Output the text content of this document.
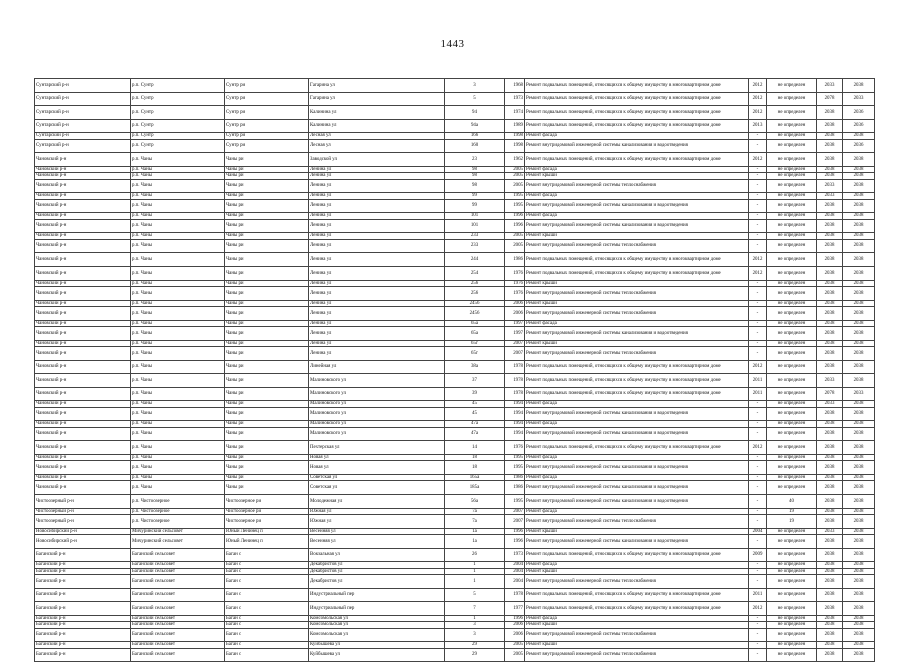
1443
Сунтарский р-н	р.п. Сунтр	Сунтр ри	Гагарина ул	3	1968	Ремонт подвальных помещений, относящихся к общему имуществу в многоквартирном доме	2012	не определен	2033	2038
Сунтарский р-н	р.п. Сунтр	Сунтр ри	Гагарина ул	5	1973	Ремонт подвальных помещений, относящихся к общему имуществу в многоквартирном доме	2012	не определен	2078	2033
Сунтарский р-н	р.п. Сунтр	Сунтр ри	Калинина ул	94	1974	Ремонт подвальных помещений, относящихся к общему имуществу в многоквартирном доме	2012	не определен	2038	2036
Сунтарский р-н	р.п. Сунтр	Сунтр ри	Калинина ул	94а	1989	Ремонт подвальных помещений, относящихся к общему имуществу в многоквартирном доме	2013	не определен	2038	2036
Сунтарский р-н	р.п. Сунтр	Сунтр ри	Лесная ул	166	1998	Ремонт фасада	-	не определен	2038	2038
Сунтарский р-н	р.п. Сунтр	Сунтр ри	Лесная ул	160	1998	Ремонт внутридомовой инженерной системы канализования и водоотведения	-	не определен	2038	2036
Чановский р-н	р.п. Чаны	Чаны ри	Заводской ул	23	1962	Ремонт подвальных помещений, относящихся к общему имуществу в многоквартирном доме	2012	не определен	2038	2038
Чановский р-н	р.п. Чаны	Чаны ри	Ленина ул	98	2005	Ремонт фасада	-	не определен	2038	2038
Чановский р-н	р.п. Чаны	Чаны ри	Ленина ул	98	2005	Ремонт крыши	-	не определен	2038	2038
Чановский р-н	р.п. Чаны	Чаны ри	Ленина ул	98	2005	Ремонт внутридомовой инженерной системы теплоснабжения	-	не определен	2033	2038
Чановский р-н	р.п. Чаны	Чаны ри	Ленина ул	99	1995	Ремонт фасада	-	не определен	2033	2038
Чановский р-н	р.п. Чаны	Чаны ри	Ленина ул	99	1995	Ремонт внутридомовой инженерной системы канализования и водоотведения	-	не определен	2038	2038
Чановский р-н	р.п. Чаны	Чаны ри	Ленина ул	101	1996	Ремонт фасада	-	не определен	2038	2038
Чановский р-н	р.п. Чаны	Чаны ри	Ленина ул	101	1996	Ремонт внутридомовой инженерной системы канализования и водоотведения	-	не определен	2038	2038
Чановский р-н	р.п. Чаны	Чаны ри	Ленина ул	233	2005	Ремонт крыши	-	не определен	2038	2038
Чановский р-н	р.п. Чаны	Чаны ри	Ленина ул	233	2005	Ремонт внутридомовой инженерной системы теплоснабжения	-	не определен	2038	2038
Чановский р-н	р.п. Чаны	Чаны ри	Ленина ул	244	1986	Ремонт подвальных помещений, относящихся к общему имуществу в многоквартирном доме	2012	не определен	2038	2038
Чановский р-н	р.п. Чаны	Чаны ри	Ленина ул	254	1976	Ремонт подвальных помещений, относящихся к общему имуществу в многоквартирном доме	2012	не определен	2038	2038
Чановский р-н	р.п. Чаны	Чаны ри	Ленина ул	256	1976	Ремонт крыши	-	не определен	2038	2038
Чановский р-н	р.п. Чаны	Чаны ри	Ленина ул	256	1976	Ремонт внутридомовой инженерной системы теплоснабжения	-	не определен	2038	2038
Чановский р-н	р.п. Чаны	Чаны ри	Ленина ул	2456	2006	Ремонт крыши	-	не определен	2038	2038
Чановский р-н	р.п. Чаны	Чаны ри	Ленина ул	2456	2006	Ремонт внутридомовой инженерной системы теплоснабжения	-	не определен	2038	2038
Чановский р-н	р.п. Чаны	Чаны ри	Ленина ул	65а	1997	Ремонт фасада	-	не определен	2038	2038
Чановский р-н	р.п. Чаны	Чаны ри	Ленина ул	65а	1997	Ремонт внутридомовой инженерной системы канализования и водоотведения	-	не определен	2038	2038
Чановский р-н	р.п. Чаны	Чаны ри	Ленина ул	65г	2007	Ремонт крыши	-	не определен	2038	2038
Чановский р-н	р.п. Чаны	Чаны ри	Ленина ул	65г	2007	Ремонт внутридомовой инженерной системы теплоснабжения	-	не определен	2038	2038
Чановский р-н	р.п. Чаны	Чаны ри	Линейная ул	38а	1978	Ремонт подвальных помещений, относящихся к общему имуществу в многоквартирном доме	2012	не определен	2038	2038
Чановский р-н	р.п. Чаны	Чаны ри	Малиновского ул	37	1978	Ремонт подвальных помещений, относящихся к общему имуществу в многоквартирном доме	2011	не определен	2033	2038
Чановский р-н	р.п. Чаны	Чаны ри	Малиновского ул	39	1978	Ремонт подвальных помещений, относящихся к общему имуществу в многоквартирном доме	2011	не определен	2078	2033
Чановский р-н	р.п. Чаны	Чаны ри	Малиновского ул	45	1994	Ремонт фасада	-	не определен	2033	2038
Чановский р-н	р.п. Чаны	Чаны ри	Малиновского ул	45	1994	Ремонт внутридомовой инженерной системы канализования и водоотведения	-	не определен	2038	2038
Чановский р-н	р.п. Чаны	Чаны ри	Малиновского ул	47а	1994	Ремонт фасада	-	не определен	2038	2038
Чановский р-н	р.п. Чаны	Чаны ри	Малиновского ул	47а	1994	Ремонт внутридомовой инженерной системы канализования и водоотведения	-	не определен	2038	2038
Чановский р-н	р.п. Чаны	Чаны ри	Пехтерская ул	14	1976	Ремонт подвальных помещений, относящихся к общему имуществу в многоквартирном доме	2012	не определен	2038	2038
Чановский р-н	р.п. Чаны	Чаны ри	Новая ул	18	1995	Ремонт фасада	-	не определен	2038	2038
Чановский р-н	р.п. Чаны	Чаны ри	Новая ул	18	1995	Ремонт внутридомовой инженерной системы канализования и водоотведения	-	не определен	2038	2038
Чановский р-н	р.п. Чаны	Чаны ри	Советская ул	165а	1986	Ремонт фасада	-	не определен	2038	2038
Чановский р-н	р.п. Чаны	Чаны ри	Советская ул	185а	1986	Ремонт внутридомовой инженерной системы канализования и водоотведения	-	не определен	2038	2038
Чистоозерный р-н	р.п. Чистоозерное	Чистоозерное ри	Молодежная ул	56а	1995	Ремонт внутридомовой инженерной системы канализования и водоотведения	-	40	2038	2038
Чистоозерный р-н	р.п. Чистоозерное	Чистоозерное ри	Южная ул	7а	2007	Ремонт фасада	-	19	2038	2038
Чистоозерный р-н	р.п. Чистоозерное	Чистоозерное ри	Южная ул	7а	2007	Ремонт внутридомовой инженерной системы теплоснабжения	-	19	2038	2038
Новосибирский р-н	Мичуринский сельсовет	Юный Ленинец п	Весенняя ул	1а	1996	Ремонт крыши	2004	не определен	2033	2038
Новосибирский р-н	Мичуринский сельсовет	Юный Ленинец п	Весенняя ул	1а	1996	Ремонт внутридомовой инженерной системы канализования и водоотведения	-	не определен	2038	2038
Баганский р-н	Баганский сельсовет	Баган с	Вокзальная ул	26	1973	Ремонт подвальных помещений, относящихся к общему имуществу в многоквартирном доме	2009	не определен	2038	2038
Баганский р-н	Баганский сельсовет	Баган с	Декабристов ул	1	2004	Ремонт фасада	-	не определен	2038	2038
Баганский р-н	Баганский сельсовет	Баган с	Декабристов ул	1	2004	Ремонт крыши	-	не определен	2038	2038
Баганский р-н	Баганский сельсовет	Баган с	Декабристов ул	1	2004	Ремонт внутридомовой инженерной системы теплоснабжения	-	не определен	2038	2038
Баганский р-н	Баганский сельсовет	Баган с	Индустриальный пер	5	1978	Ремонт подвальных помещений, относящихся к общему имуществу в многоквартирном доме	2011	не определен	2038	2038
Баганский р-н	Баганский сельсовет	Баган с	Индустриальный пер	7	1977	Ремонт подвальных помещений, относящихся к общему имуществу в многоквартирном доме	2012	не определен	2038	2038
Баганский р-н	Баганский сельсовет	Баган с	Комсомольская ул	1	1996	Ремонт фасада	-	не определен	2038	2038
Баганский р-н	Баганский сельсовет	Баган с	Комсомольская ул	3	2006	Ремонт крыши	-	не определен	2038	2038
Баганский р-н	Баганский сельсовет	Баган с	Комсомольская ул	3	2006	Ремонт внутридомовой инженерной системы теплоснабжения	-	не определен	2038	2038
Баганский р-н	Баганский сельсовет	Баган с	Куйбышева ул	29	2005	Ремонт крыши	-	не определен	2038	2038
Баганский р-н	Баганский сельсовет	Баган с	Куйбышева ул	29	2005	Ремонт внутридомовой инженерной системы теплоснабжения	-	не определен	2038	2038
